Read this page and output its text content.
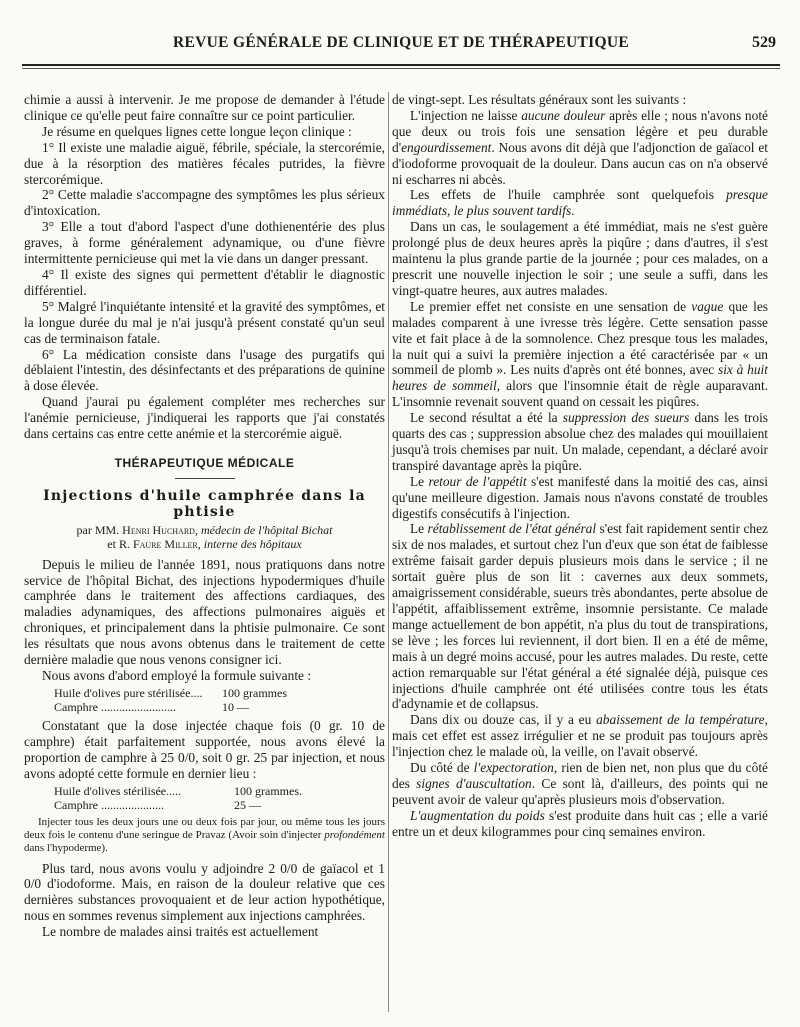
REVUE GÉNÉRALE DE CLINIQUE ET DE THÉRAPEUTIQUE	529

chimie a aussi à intervenir. Je me propose de demander à l'étude clinique ce qu'elle peut faire connaître sur ce point particulier.

Je résume en quelques lignes cette longue leçon clinique :

1° Il existe une maladie aiguë, fébrile, spéciale, la stercorémie, due à la résorption des matières fécales putrides, la fièvre stercorémique.

2° Cette maladie s'accompagne des symptômes les plus sérieux d'intoxication.

3° Elle a tout d'abord l'aspect d'une dothienentérie des plus graves, à forme généralement adynamique, ou d'une fièvre intermittente pernicieuse qui met la vie dans un danger pressant.

4° Il existe des signes qui permettent d'établir le diagnostic différentiel.

5° Malgré l'inquiétante intensité et la gravité des symptômes, et la longue durée du mal je n'ai jusqu'à présent constaté qu'un seul cas de terminaison fatale.

6° La médication consiste dans l'usage des purgatifs qui déblaient l'intestin, des désinfectants et des préparations de quinine à dose élevée.

Quand j'aurai pu également compléter mes recherches sur l'anémie pernicieuse, j'indiquerai les rapports que j'ai constatés dans certains cas entre cette anémie et la stercorémie aiguë.

THÉRAPEUTIQUE MÉDICALE
Injections d'huile camphrée dans la phtisie
par MM. Henri Huchard, médecin de l'hôpital Bichat
et R. Faure Miller, interne des hôpitaux

Depuis le milieu de l'année 1891, nous pratiquons dans notre service de l'hôpital Bichat, des injections hypodermiques d'huile camphrée dans le traitement des affections cardiaques, des maladies adynamiques, des affections pulmonaires aiguës et chroniques, et principalement dans la phtisie pulmonaire. Ce sont les résultats que nous avons obtenus dans le traitement de cette dernière maladie que nous venons consigner ici.

Nous avons d'abord employé la formule suivante :

Huile d'olives pure stérilisée....	100 grammes
Camphre .........................	10 —

Constatant que la dose injectée chaque fois (0 gr. 10 de camphre) était parfaitement supportée, nous avons élevé la proportion de camphre à 25 0/0, soit 0 gr. 25 par injection, et nous avons adopté cette formule en dernier lieu :

Huile d'olives stérilisée.....	100 grammes.
Camphre .....................	25 —

Injecter tous les deux jours une ou deux fois par jour, ou même tous les jours deux fois le contenu d'une seringue de Pravaz (Avoir soin d'injecter profondément dans l'hypoderme).

Plus tard, nous avons voulu y adjoindre 2 0/0 de gaïacol et 1 0/0 d'iodoforme. Mais, en raison de la douleur relative que ces dernières substances provoquaient et de leur action hypothétique, nous en sommes revenus simplement aux injections camphrées.

Le nombre de malades ainsi traités est actuellement

de vingt-sept. Les résultats généraux sont les suivants :

L'injection ne laisse aucune douleur après elle ; nous n'avons noté que deux ou trois fois une sensation légère et peu durable d'engourdissement. Nous avons dit déjà que l'adjonction de gaïacol et d'iodoforme provoquait de la douleur. Dans aucun cas on n'a observé ni escharres ni abcès.

Les effets de l'huile camphrée sont quelquefois presque immédiats, le plus souvent tardifs.

Dans un cas, le soulagement a été immédiat, mais ne s'est guère prolongé plus de deux heures après la piqûre ; dans d'autres, il s'est maintenu la plus grande partie de la journée ; pour ces malades, on a prescrit une nouvelle injection le soir ; une seule a suffi, dans les vingt-quatre heures, aux autres malades.

Le premier effet net consiste en une sensation de vague que les malades comparent à une ivresse très légère. Cette sensation passe vite et fait place à de la somnolence. Chez presque tous les malades, la nuit qui a suivi la première injection a été caractérisée par « un sommeil de plomb ». Les nuits d'après ont été bonnes, avec six à huit heures de sommeil, alors que l'insomnie était de règle auparavant. L'insomnie revenait souvent quand on cessait les piqûres.

Le second résultat a été la suppression des sueurs dans les trois quarts des cas ; suppression absolue chez des malades qui mouillaient jusqu'à trois chemises par nuit. Un malade, cependant, a déclaré avoir transpiré davantage après la piqûre.

Le retour de l'appétit s'est manifesté dans la moitié des cas, ainsi qu'une meilleure digestion. Jamais nous n'avons constaté de troubles digestifs consécutifs à l'injection.

Le rétablissement de l'état général s'est fait rapidement sentir chez six de nos malades, et surtout chez l'un d'eux que son état de faiblesse extrême faisait garder depuis plusieurs mois dans le service ; il ne sortait guère plus de son lit : cavernes aux deux sommets, amaigrissement considérable, sueurs très abondantes, perte absolue de l'appétit, affaiblissement extrême, insomnie persistante. Ce malade mange actuellement de bon appétit, n'a plus du tout de transpirations, se lève ; les forces lui reviennent, il dort bien. Il en a été de même, mais à un degré moins accusé, pour les autres malades. Du reste, cette action remarquable sur l'état général a été signalée déjà, puisque ces injections d'huile camphrée ont été utilisées contre tous les états d'adynamie et de collapsus.

Dans dix ou douze cas, il y a eu abaissement de la température, mais cet effet est assez irrégulier et ne se produit pas toujours après l'injection chez le malade où, la veille, on l'avait observé.

Du côté de l'expectoration, rien de bien net, non plus que du côté des signes d'auscultation. Ce sont là, d'ailleurs, des points qui ne peuvent avoir de valeur qu'après plusieurs mois d'observation.

L'augmentation du poids s'est produite dans huit cas ; elle a varié entre un et deux kilogrammes pour cinq semaines environ.
